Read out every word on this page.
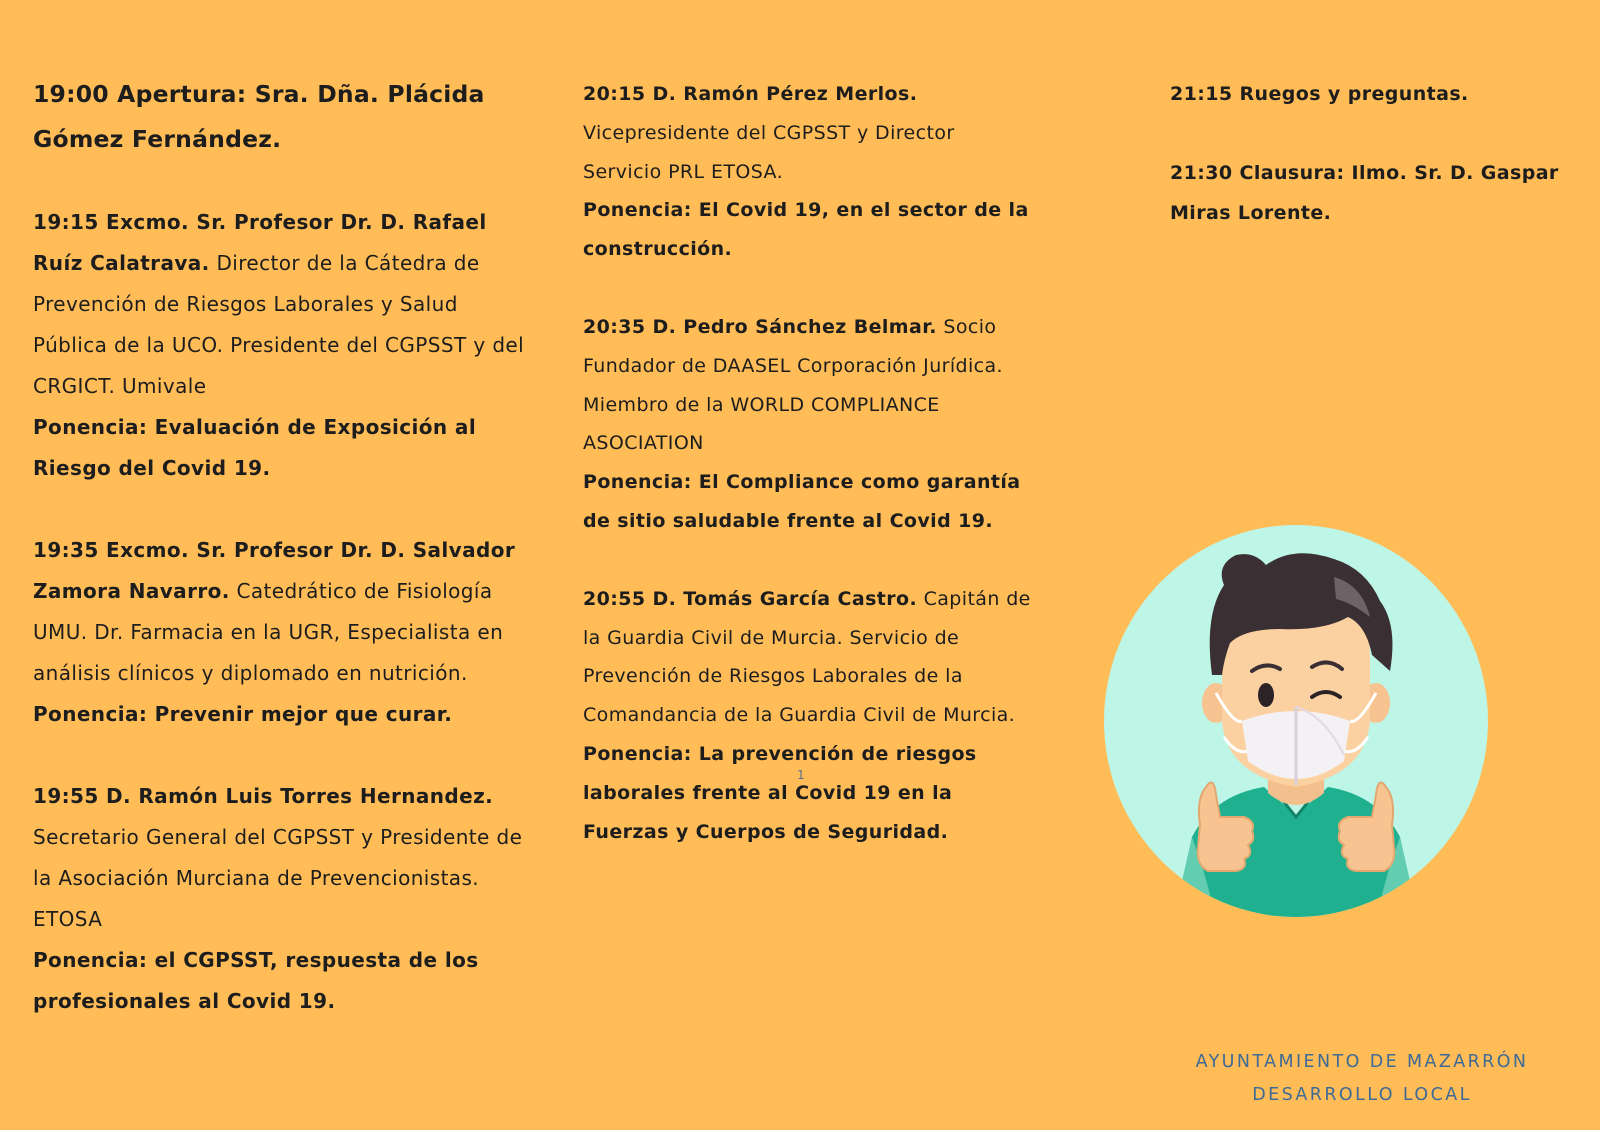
19:00 Apertura: Sra. Dña. Plácida Gómez Fernández.

19:15 Excmo. Sr. Profesor Dr. D. Rafael Ruíz Calatrava. Director de la Cátedra de Prevención de Riesgos Laborales y Salud Pública de la UCO. Presidente del CGPSST y del CRGICT. Umivale
Ponencia: Evaluación de Exposición al Riesgo del Covid 19.

19:35 Excmo. Sr. Profesor Dr. D. Salvador Zamora Navarro. Catedrático de Fisiología UMU. Dr. Farmacia en la UGR, Especialista en análisis clínicos y diplomado en nutrición.
Ponencia: Prevenir mejor que curar.

19:55 D. Ramón Luis Torres Hernandez.
Secretario General del CGPSST y Presidente de la Asociación Murciana de Prevencionistas. ETOSA
Ponencia: el CGPSST, respuesta de los profesionales al Covid 19.

20:15 D. Ramón Pérez Merlos.
Vicepresidente del CGPSST y Director Servicio PRL ETOSA.
Ponencia: El Covid 19, en el sector de la construcción.

20:35 D. Pedro Sánchez Belmar. Socio Fundador de DAASEL Corporación Jurídica. Miembro de la WORLD COMPLIANCE ASOCIATION
Ponencia: El Compliance como garantía de sitio saludable frente al Covid 19.

20:55 D. Tomás García Castro. Capitán de la Guardia Civil de Murcia. Servicio de Prevención de Riesgos Laborales de la Comandancia de la Guardia Civil de Murcia.
Ponencia: La prevención de riesgos laborales frente al Covid 19 en la Fuerzas y Cuerpos de Seguridad.

21:15 Ruegos y preguntas.

21:30 Clausura: Ilmo. Sr. D. Gaspar Miras Lorente.

1
AYUNTAMIENTO DE MAZARRÓN
DESARROLLO LOCAL
